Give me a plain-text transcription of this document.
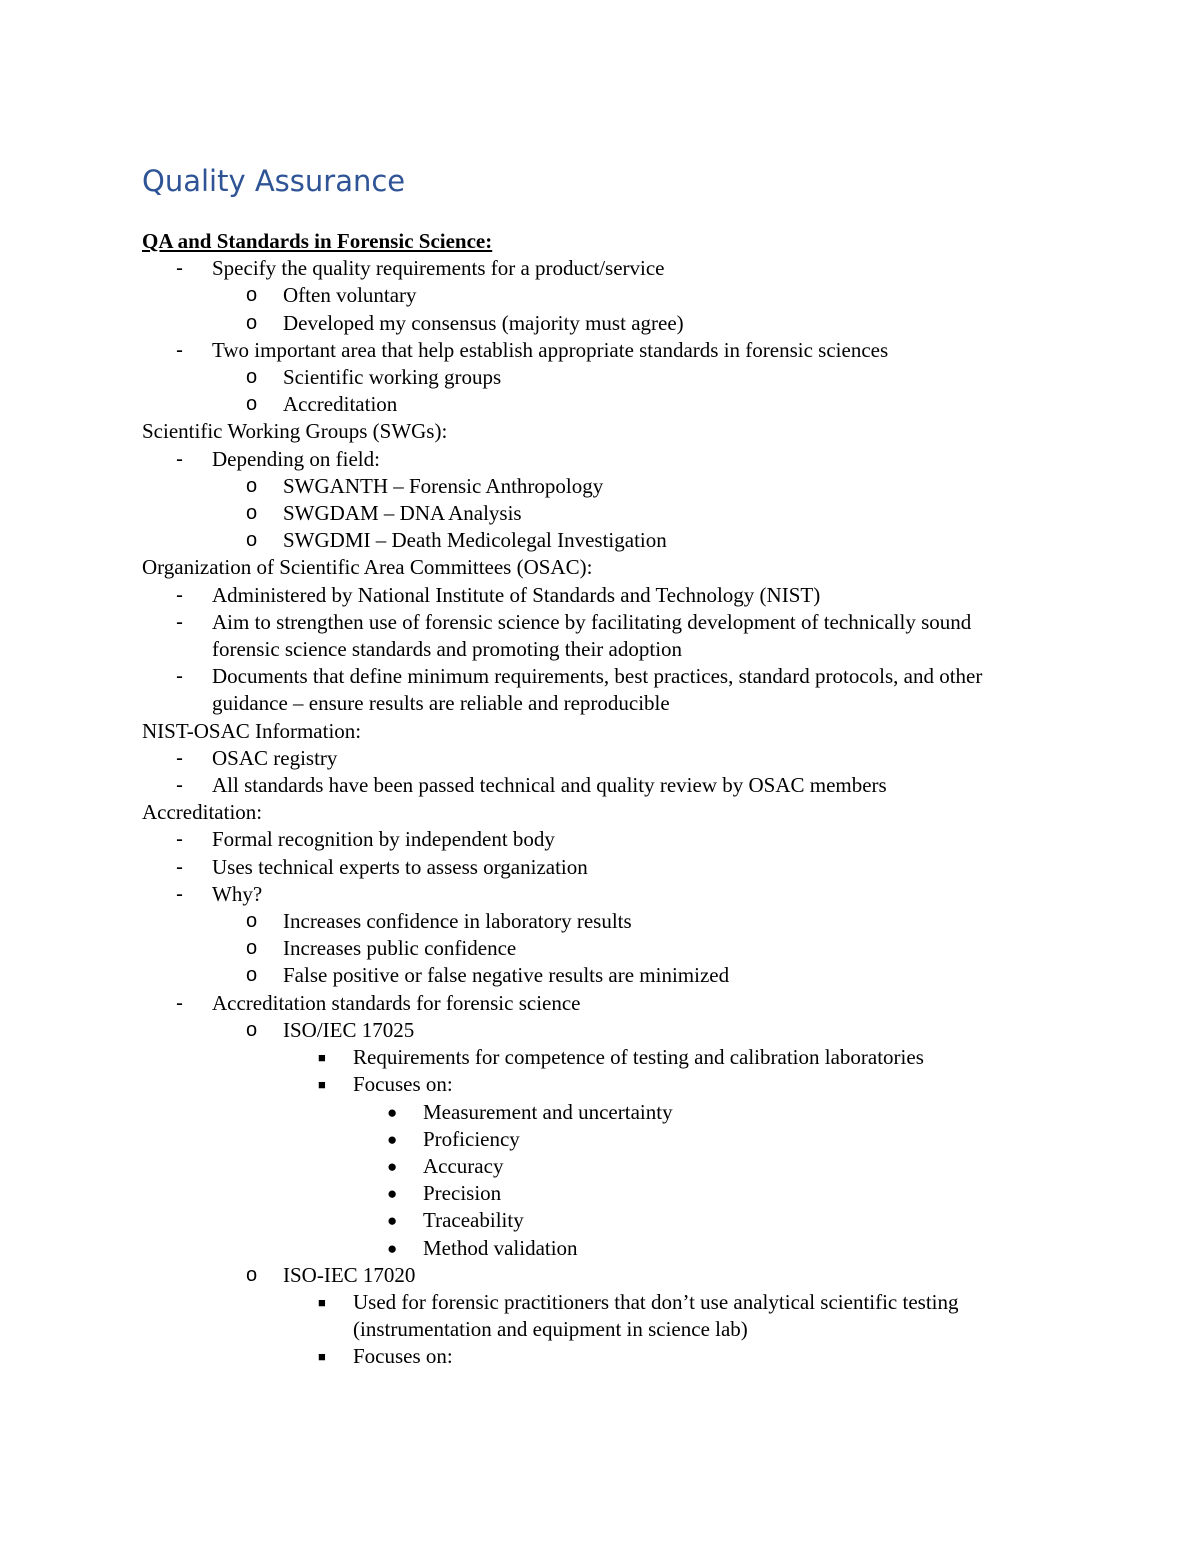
Quality Assurance

QA and Standards in Forensic Science:

- Specify the quality requirements for a product/service

o Often voluntary

o Developed my consensus (majority must agree)

- Two important area that help establish appropriate standards in forensic sciences

o Scientific working groups

o Accreditation

Scientific Working Groups (SWGs):

- Depending on field:

o SWGANTH – Forensic Anthropology

o SWGDAM – DNA Analysis

o SWGDMI – Death Medicolegal Investigation

Organization of Scientific Area Committees (OSAC):

- Administered by National Institute of Standards and Technology (NIST)

- Aim to strengthen use of forensic science by facilitating development of technically sound forensic science standards and promoting their adoption

- Documents that define minimum requirements, best practices, standard protocols, and other guidance – ensure results are reliable and reproducible

NIST-OSAC Information:

- OSAC registry

- All standards have been passed technical and quality review by OSAC members

Accreditation:

- Formal recognition by independent body

- Uses technical experts to assess organization

- Why?

o Increases confidence in laboratory results

o Increases public confidence

o False positive or false negative results are minimized

- Accreditation standards for forensic science

o ISO/IEC 17025

■ Requirements for competence of testing and calibration laboratories

■ Focuses on:

● Measurement and uncertainty

● Proficiency

● Accuracy

● Precision

● Traceability

● Method validation

o ISO-IEC 17020

■ Used for forensic practitioners that don’t use analytical scientific testing (instrumentation and equipment in science lab)

■ Focuses on:
